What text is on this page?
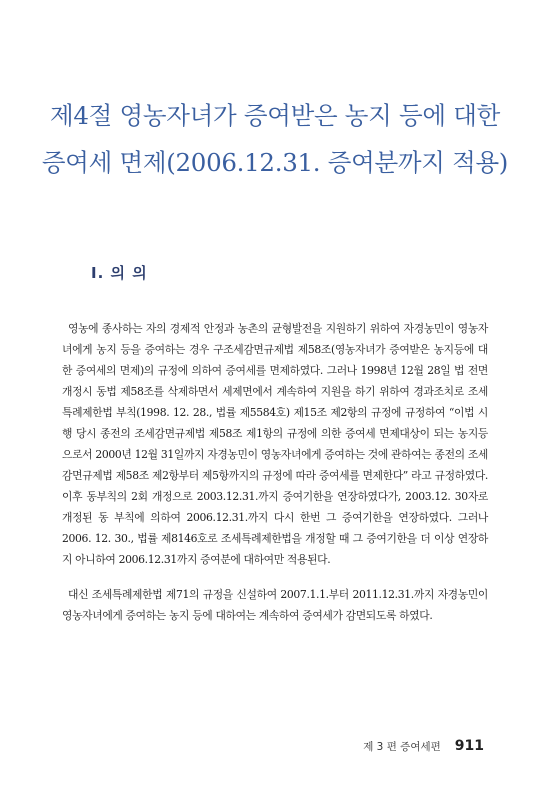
제4절 영농자녀가 증여받은 농지 등에 대한
증여세 면제(2006.12.31. 증여분까지 적용)
Ⅰ. 의 의

영농에 종사하는 자의 경제적 안정과 농촌의 균형발전을 지원하기 위하여 자경농민이 영농자녀에게 농지 등을 증여하는 경우 구조세감면규제법 제58조(영농자녀가 증여받은 농지등에 대한 증여세의 면제)의 규정에 의하여 증여세를 면제하였다. 그러나 1998년 12월 28일 법 전면 개정시 동법 제58조를 삭제하면서 세제면에서 계속하여 지원을 하기 위하여 경과조치로 조세특례제한법 부칙(1998. 12. 28., 법률 제5584호) 제15조 제2항의 규정에 규정하여 “이법 시행 당시 종전의 조세감면규제법 제58조 제1항의 규정에 의한 증여세 면제대상이 되는 농지등으로서 2000년 12월 31일까지 자경농민이 영농자녀에게 증여하는 것에 관하여는 종전의 조세감면규제법 제58조 제2항부터 제5항까지의 규정에 따라 증여세를 면제한다” 라고 규정하였다. 이후 동부칙의 2회 개정으로 2003.12.31.까지 증여기한을 연장하였다가, 2003.12. 30자로 개정된 동 부칙에 의하여 2006.12.31.까지 다시 한번 그 증여기한을 연장하였다. 그러나 2006. 12. 30., 법률 제8146호로 조세특례제한법을 개정할 때 그 증여기한을 더 이상 연장하지 아니하여 2006.12.31까지 증여분에 대하여만 적용된다.

대신 조세특례제한법 제71의 규정을 신설하여 2007.1.1.부터 2011.12.31.까지 자경농민이 영농자녀에게 증여하는 농지 등에 대하여는 계속하여 증여세가 감면되도록 하였다.

제 3 편 증여세편 911
